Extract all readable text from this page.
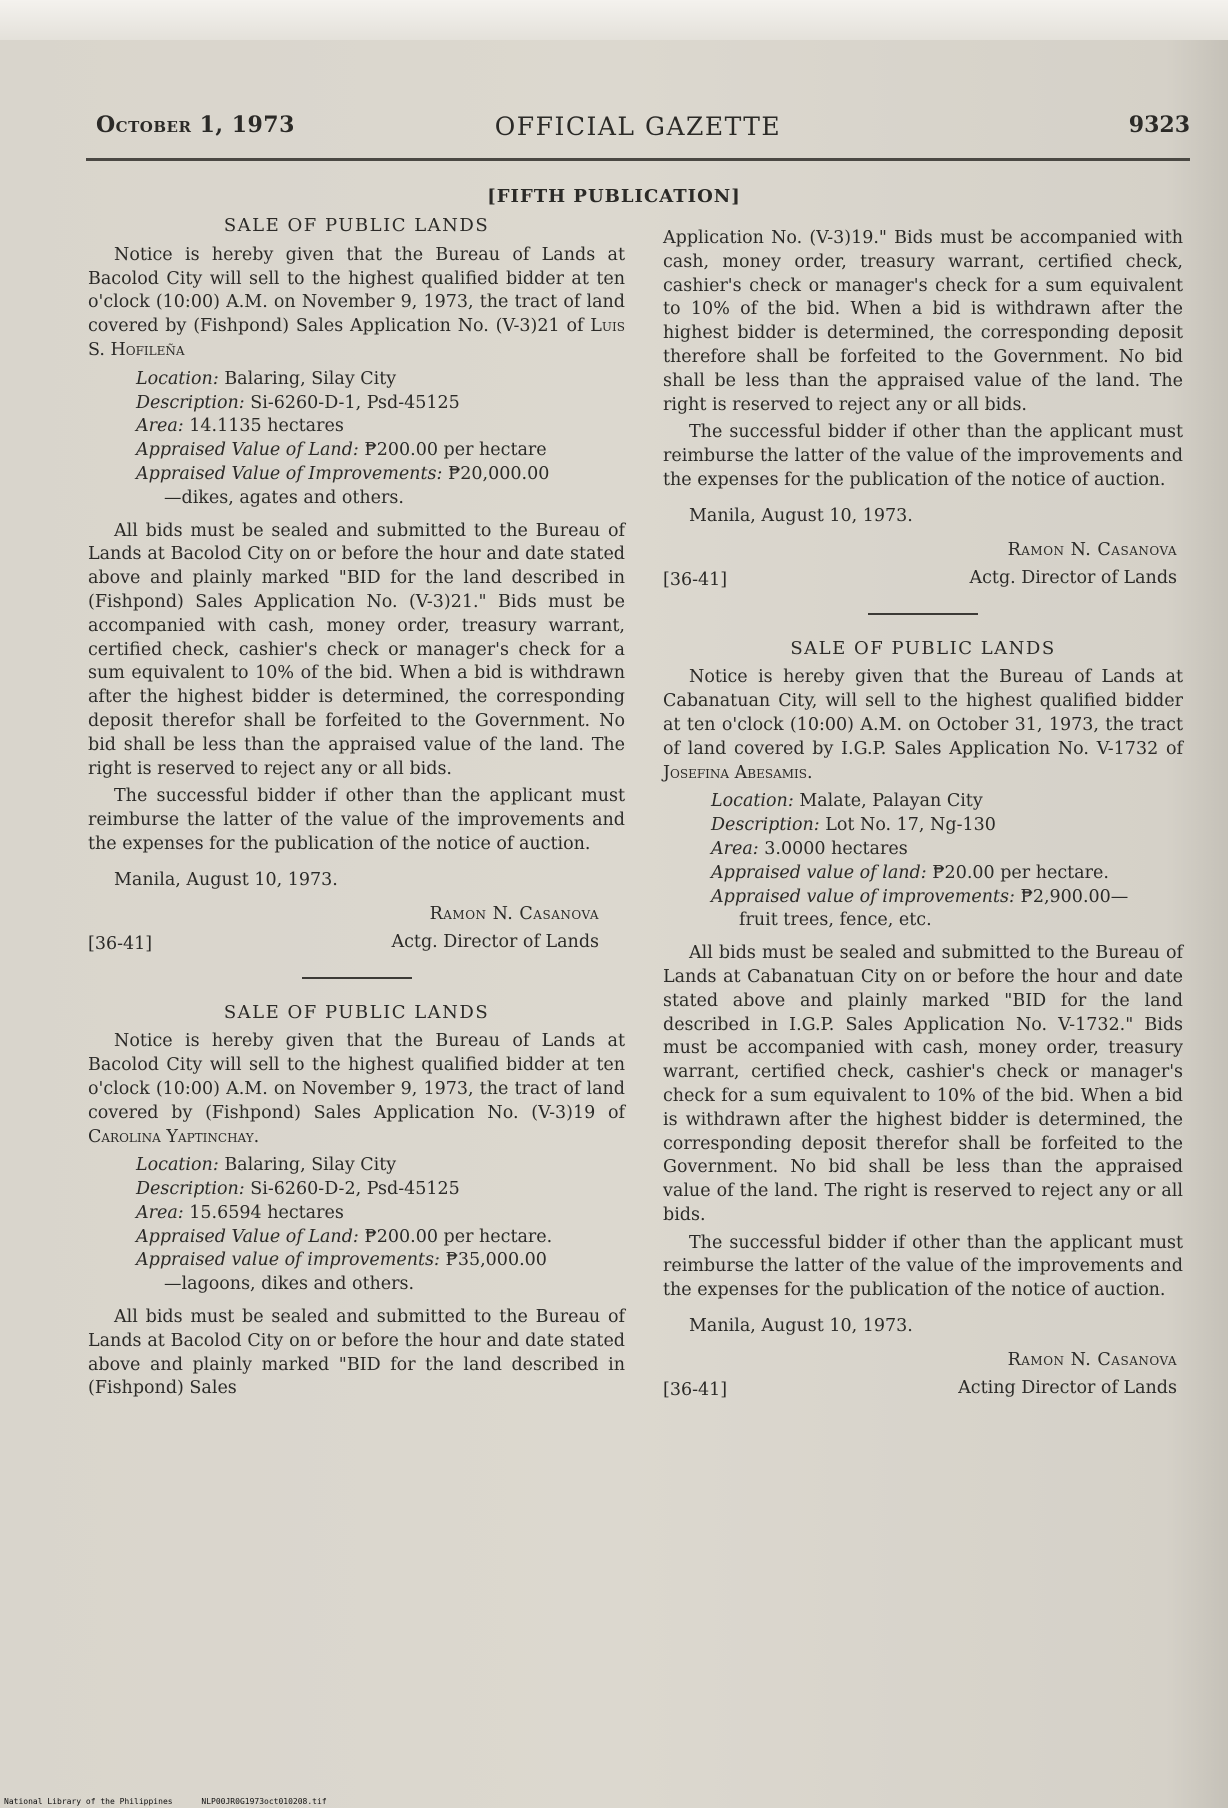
October 1, 1973	OFFICIAL GAZETTE	9323
[FIFTH PUBLICATION]
SALE OF PUBLIC LANDS

Notice is hereby given that the Bureau of Lands at Bacolod City will sell to the highest qualified bidder at ten o'clock (10:00) A.M. on November 9, 1973, the tract of land covered by (Fishpond) Sales Application No. (V-3)21 of Luis S. Hofileña

Location: Balaring, Silay City
Description: Si-6260-D-1, Psd-45125
Area: 14.1135 hectares
Appraised Value of Land: ₱200.00 per hectare
Appraised Value of Improvements: ₱20,000.00
—dikes, agates and others.

All bids must be sealed and submitted to the Bureau of Lands at Bacolod City on or before the hour and date stated above and plainly marked "BID for the land described in (Fishpond) Sales Application No. (V-3)21." Bids must be accompanied with cash, money order, treasury warrant, certified check, cashier's check or manager's check for a sum equivalent to 10% of the bid. When a bid is withdrawn after the highest bidder is determined, the corresponding deposit therefor shall be forfeited to the Government. No bid shall be less than the appraised value of the land. The right is reserved to reject any or all bids.

The successful bidder if other than the applicant must reimburse the latter of the value of the improvements and the expenses for the publication of the notice of auction.

Manila, August 10, 1973.
Ramon N. Casanova
[36-41]	Actg. Director of Lands
SALE OF PUBLIC LANDS

Notice is hereby given that the Bureau of Lands at Bacolod City will sell to the highest qualified bidder at ten o'clock (10:00) A.M. on November 9, 1973, the tract of land covered by (Fishpond) Sales Application No. (V-3)19 of Carolina Yaptinchay.

Location: Balaring, Silay City
Description: Si-6260-D-2, Psd-45125
Area: 15.6594 hectares
Appraised Value of Land: ₱200.00 per hectare.
Appraised value of improvements: ₱35,000.00
—lagoons, dikes and others.

All bids must be sealed and submitted to the Bureau of Lands at Bacolod City on or before the hour and date stated above and plainly marked "BID for the land described in (Fishpond) Sales

Application No. (V-3)19." Bids must be accompanied with cash, money order, treasury warrant, certified check, cashier's check or manager's check for a sum equivalent to 10% of the bid. When a bid is withdrawn after the highest bidder is determined, the corresponding deposit therefore shall be forfeited to the Government. No bid shall be less than the appraised value of the land. The right is reserved to reject any or all bids.

The successful bidder if other than the applicant must reimburse the latter of the value of the improvements and the expenses for the publication of the notice of auction.

Manila, August 10, 1973.
Ramon N. Casanova
[36-41]	Actg. Director of Lands
SALE OF PUBLIC LANDS

Notice is hereby given that the Bureau of Lands at Cabanatuan City, will sell to the highest qualified bidder at ten o'clock (10:00) A.M. on October 31, 1973, the tract of land covered by I.G.P. Sales Application No. V-1732 of Josefina Abesamis.

Location: Malate, Palayan City
Description: Lot No. 17, Ng-130
Area: 3.0000 hectares
Appraised value of land: ₱20.00 per hectare.
Appraised value of improvements: ₱2,900.00—
fruit trees, fence, etc.

All bids must be sealed and submitted to the Bureau of Lands at Cabanatuan City on or before the hour and date stated above and plainly marked "BID for the land described in I.G.P. Sales Application No. V-1732." Bids must be accompanied with cash, money order, treasury warrant, certified check, cashier's check or manager's check for a sum equivalent to 10% of the bid. When a bid is withdrawn after the highest bidder is determined, the corresponding deposit therefor shall be forfeited to the Government. No bid shall be less than the appraised value of the land. The right is reserved to reject any or all bids.

The successful bidder if other than the applicant must reimburse the latter of the value of the improvements and the expenses for the publication of the notice of auction.

Manila, August 10, 1973.
Ramon N. Casanova
[36-41]	Acting Director of Lands
National Library of the Philippines	NLP00JR0G1973oct010208.tif
